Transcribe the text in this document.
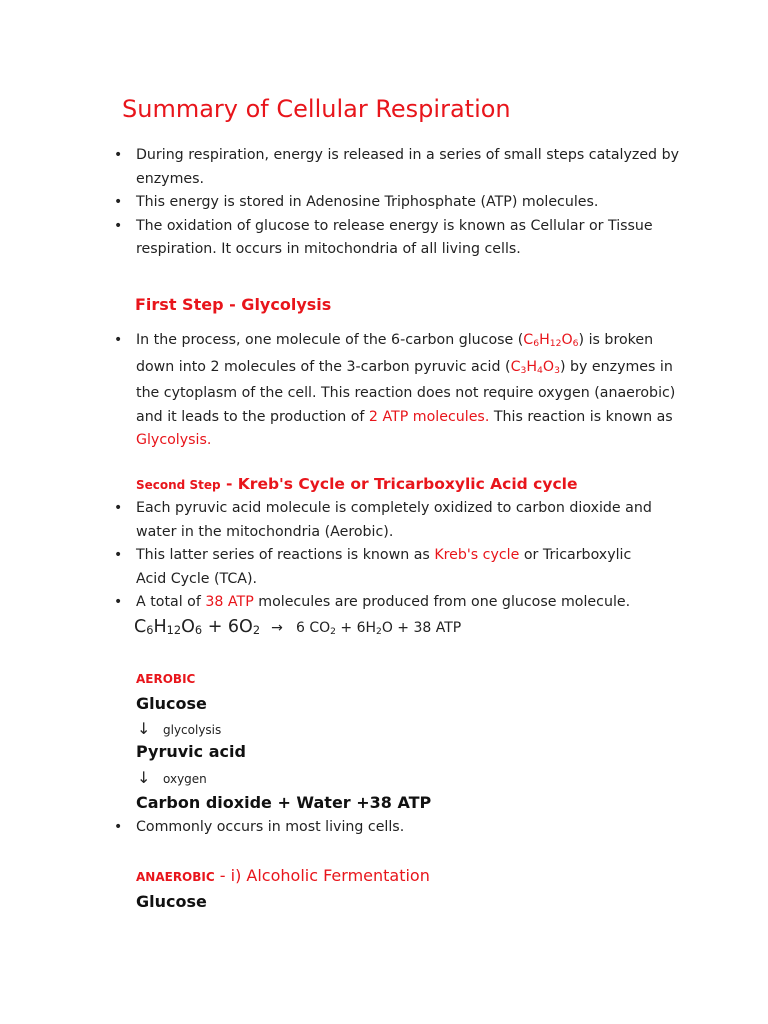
Summary of Cellular Respiration
• During respiration, energy is released in a series of small steps catalyzed by
enzymes.
• This energy is stored in Adenosine Triphosphate (ATP) molecules.
• The oxidation of glucose to release energy is known as Cellular or Tissue
respiration. It occurs in mitochondria of all living cells.
First Step - Glycolysis
• In the process, one molecule of the 6-carbon glucose $(C_6H_{12}O_6)$ is broken
down into 2 molecules of the 3-carbon pyruvic acid $(C_3H_4O_3)$ by enzymes in
the cytoplasm of the cell. This reaction does not require oxygen (anaerobic)
and it leads to the production of 2 ATP molecules. This reaction is known as
Glycolysis.
Second Step - Kreb's Cycle or Tricarboxylic Acid cycle
• Each pyruvic acid molecule is completely oxidized to carbon dioxide and
water in the mitochondria (Aerobic).
• This latter series of reactions is known as Kreb's cycle or Tricarboxylic
Acid Cycle (TCA).
• A total of 38 ATP molecules are produced from one glucose molecule.
$C_6H_{12}O_6 + 6O_2 \to 6$ $CO_2 + 6H_2O + 38$ ATP
AEROBIC
Glucose
↓ glycolysis
Pyruvic acid
↓ oxygen
Carbon dioxide + Water +38 ATP
• Commonly occurs in most living cells.
ANAEROBIC - i) Alcoholic Fermentation
Glucose
